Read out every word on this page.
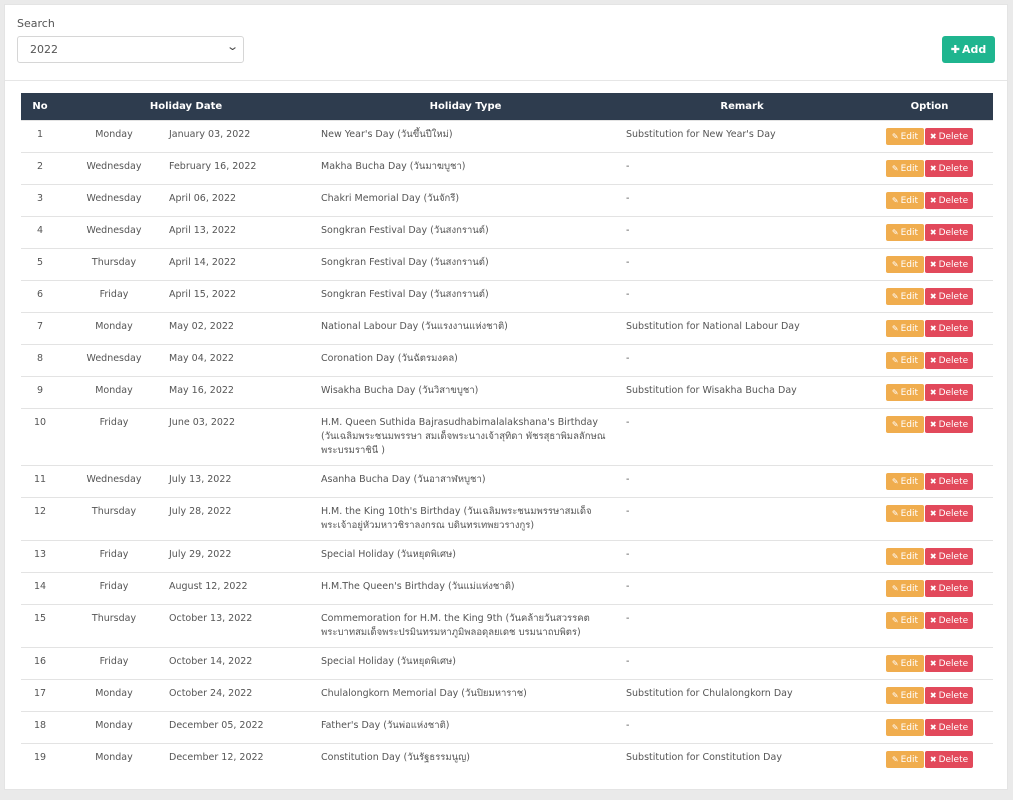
Search
2022	⌄	✚ Add
No	Holiday Date	Holiday Type	Remark	Option
1	Monday January 03, 2022	New Year's Day (วันขึ้นปีใหม่)	Substitution for New Year's Day	✎ Edit ✖ Delete
2	Wednesday February 16, 2022	Makha Bucha Day (วันมาฆบูชา)	-	✎ Edit ✖ Delete
3	Wednesday April 06, 2022	Chakri Memorial Day (วันจักรี)	-	✎ Edit ✖ Delete
4	Wednesday April 13, 2022	Songkran Festival Day (วันสงกรานต์)	-	✎ Edit ✖ Delete
5	Thursday April 14, 2022	Songkran Festival Day (วันสงกรานต์)	-	✎ Edit ✖ Delete
6	Friday April 15, 2022	Songkran Festival Day (วันสงกรานต์)	-	✎ Edit ✖ Delete
7	Monday May 02, 2022	National Labour Day (วันแรงงานแห่งชาติ)	Substitution for National Labour Day	✎ Edit ✖ Delete
8	Wednesday May 04, 2022	Coronation Day (วันฉัตรมงคล)	-	✎ Edit ✖ Delete
9	Monday May 16, 2022	Wisakha Bucha Day (วันวิสาขบูชา)	Substitution for Wisakha Bucha Day	✎ Edit ✖ Delete
10	Friday June 03, 2022	H.M. Queen Suthida Bajrasudhabimalalakshana's Birthday (วันเฉลิมพระชนมพรรษา สมเด็จพระนางเจ้าสุทิดา พัชรสุธาพิมลลักษณ พระบรมราชินี )	-	✎ Edit ✖ Delete
11	Wednesday July 13, 2022	Asanha Bucha Day (วันอาสาฬหบูชา)	-	✎ Edit ✖ Delete
12	Thursday July 28, 2022	H.M. the King 10th's Birthday (วันเฉลิมพระชนมพรรษาสมเด็จพระเจ้าอยู่หัวมหาวชิราลงกรณ บดินทรเทพยวรางกูร)	-	✎ Edit ✖ Delete
13	Friday July 29, 2022	Special Holiday (วันหยุดพิเศษ)	-	✎ Edit ✖ Delete
14	Friday August 12, 2022	H.M.The Queen's Birthday (วันแม่แห่งชาติ)	-	✎ Edit ✖ Delete
15	Thursday October 13, 2022	Commemoration for H.M. the King 9th (วันคล้ายวันสวรรคต พระบาทสมเด็จพระปรมินทรมหาภูมิพลอดุลยเดช บรมนาถบพิตร)	-	✎ Edit ✖ Delete
16	Friday October 14, 2022	Special Holiday (วันหยุดพิเศษ)	-	✎ Edit ✖ Delete
17	Monday October 24, 2022	Chulalongkorn Memorial Day (วันปิยมหาราช)	Substitution for Chulalongkorn Day	✎ Edit ✖ Delete
18	Monday December 05, 2022	Father's Day (วันพ่อแห่งชาติ)	-	✎ Edit ✖ Delete
19	Monday December 12, 2022	Constitution Day (วันรัฐธรรมนูญ)	Substitution for Constitution Day	✎ Edit ✖ Delete
